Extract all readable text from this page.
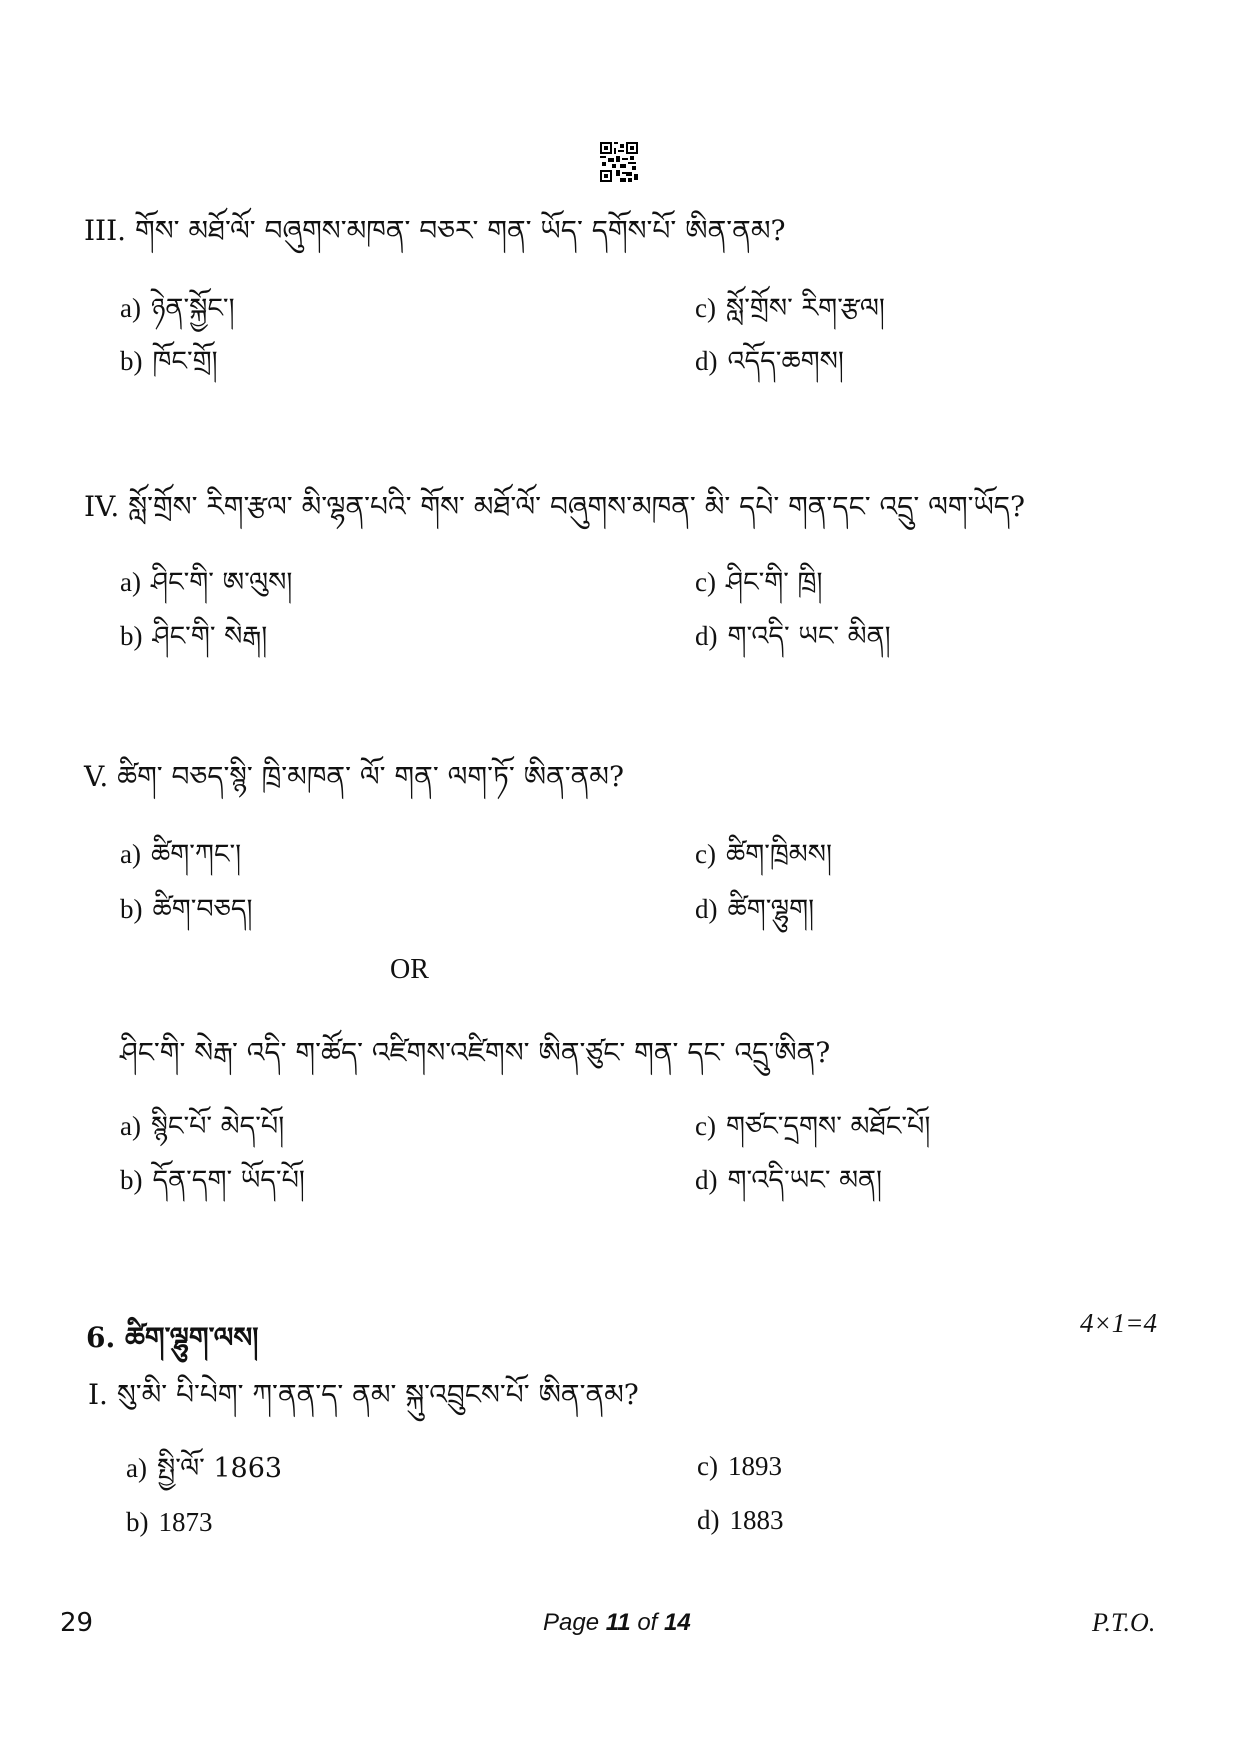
III. གོས་ མཐོ་ལོ་ བཞུགས་མཁན་ བཅར་ གན་ ཡོད་ དགོས་པོ་ ཨིན་ནམ?
a) ཉེན་སྐྱོང་།
b) ཁོང་གྲོ།
c) སློ་གྲོས་ རིག་རྩལ།
d) འདོད་ཆགས།
IV. སློ་གྲོས་ རིག་རྩལ་ མི་ལྷན་པའི་ གོས་ མཐོ་ལོ་ བཞུགས་མཁན་ མི་ དཔེ་ གན་དང་ འདྲུ་ ལག་ཡོད?
a) ཤིང་གི་ ཨ་ལུས།
b) ཤིང་གི་ སེརྒ།
c) ཤིང་གི་ ཁྲི།
d) ག་འདི་ ཡང་ མིན།
V. ཚིག་ བཅད་སྙི་ ཁྲི་མཁན་ ལོ་ གན་ ལག་ཏོ་ ཨིན་ནམ?
a) ཚིག་ཀང་།
b) ཚིག་བཅད།
c) ཚིག་ཁྲིམས།
d) ཚིག་ལྷུག།
OR
ཤིང་གི་ སེརྒ་ འདི་ ག་ཚོད་ འཛིགས་འཛིགས་ ཨིན་ཙུང་ གན་ དང་ འདྲུ་ཨིན?
a) སྙིང་པོ་ མེད་པོ།
b) དོན་དག་ ཡོད་པོ།
c) གཙང་དྲགས་ མཐོང་པོ།
d) ག་འདི་ཡང་ མན།
6. ཚིག་ལྷུག་ལས།	4×1=4
I. སུ་མི་ པི་པེག་ ཀ་ནན་ད་ ནམ་ སྐུ་འབྲུངས་པོ་ ཨིན་ནམ?
a) སྤྱི་ལོ་ 1863
b) 1873
c) 1893
d) 1883
29	Page 11 of 14	P.T.O.
